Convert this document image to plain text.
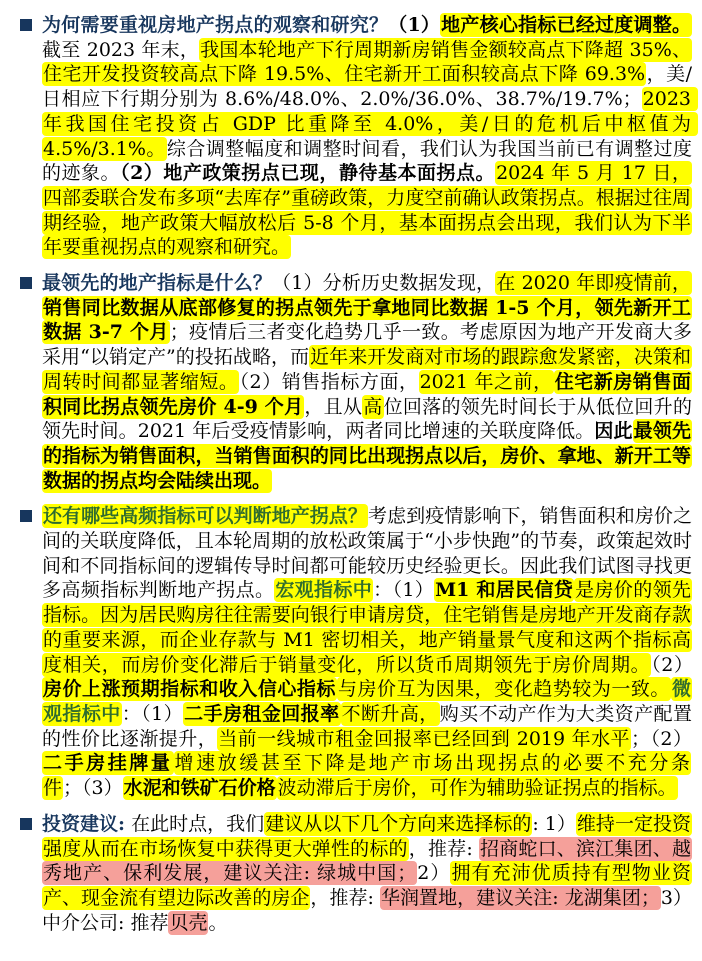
为何需要重视房地产拐点的观察和研究？（1）地产核心指标已经过度调整。截至 2023 年末，我国本轮地产下行周期新房销售金额较高点下降超 35%、住宅开发投资较高点下降 19.5%、住宅新开工面积较高点下降 69.3%，美/日相应下行期分别为 8.6%/48.0%、2.0%/36.0%、38.7%/19.7%；2023 年我国住宅投资占 GDP 比重降至 4.0%，美/日的危机后中枢值为 4.5%/3.1%。综合调整幅度和调整时间看，我们认为我国当前已有调整过度的迹象。（2）地产政策拐点已现，静待基本面拐点。2024 年 5 月 17 日，四部委联合发布多项“去库存”重磅政策，力度空前确认政策拐点。根据过往周期经验，地产政策大幅放松后 5-8 个月，基本面拐点会出现，我们认为下半年要重视拐点的观察和研究。
最领先的地产指标是什么？（1）分析历史数据发现，在 2020 年即疫情前，销售同比数据从底部修复的拐点领先于拿地同比数据 1-5 个月，领先新开工数据 3-7 个月；疫情后三者变化趋势几乎一致。考虑原因为地产开发商大多采用“以销定产”的投拓战略，而近年来开发商对市场的跟踪愈发紧密，决策和周转时间都显著缩短。（2）销售指标方面，2021 年之前， 住宅新房销售面积同比拐点领先房价 4-9 个月，且从高位回落的领先时间长于从低位回升的领先时间。2021 年后受疫情影响，两者同比增速的关联度降低。因此最领先的指标为销售面积，当销售面积的同比出现拐点以后，房价、拿地、新开工等数据的拐点均会陆续出现。
还有哪些高频指标可以判断地产拐点？考虑到疫情影响下，销售面积和房价之间的关联度降低，且本轮周期的放松政策属于“小步快跑”的节奏，政策起效时间和不同指标间的逻辑传导时间都可能较历史经验更长。因此我们试图寻找更多高频指标判断地产拐点。宏观指标中：（1）M1 和居民信贷 是房价的领先指标。因为居民购房往往需要向银行申请房贷，住宅销售是房地产开发商存款的重要来源，而企业存款与 M1 密切相关，地产销量景气度和这两个指标高度相关，而房价变化滞后于销量变化，所以货币周期领先于房价周期。（2）房价上涨预期指标和收入信心指标 与房价互为因果，变化趋势较为一致。 微观指标中：（1）二手房租金回报率 不断升高，购买不动产作为大类资产配置的性价比逐渐提升，当前一线城市租金回报率已经回到 2019 年水平；（2）二手房挂牌量 增速放缓甚至下降是地产市场出现拐点的必要不充分条件；（3）水泥和铁矿石价格 波动滞后于房价，可作为辅助验证拐点的指标。
投资建议: 在此时点，我们建议从以下几个方向来选择标的: 1）维持一定投资强度从而在市场恢复中获得更大弹性的标的，推荐: 招商蛇口、滨江集团、越秀地产、保利发展，建议关注: 绿城中国；2）拥有充沛优质持有型物业资产、现金流有望边际改善的房企，推荐: 华润置地，建议关注: 龙湖集团；3）中介公司: 推荐贝壳。
